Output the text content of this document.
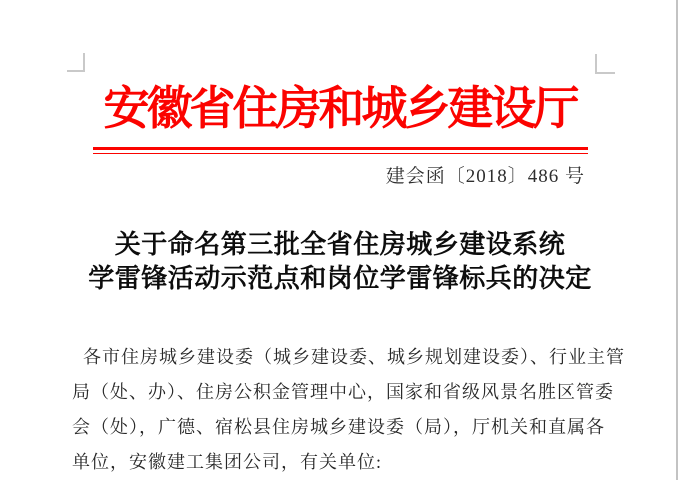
安徽省住房和城乡建设厅
建会函〔2018〕486 号
关于命名第三批全省住房城乡建设系统
学雷锋活动示范点和岗位学雷锋标兵的决定
各市住房城乡建设委（城乡建设委、城乡规划建设委）、行业主管
局（处、办）、住房公积金管理中心，国家和省级风景名胜区管委
会（处），广德、宿松县住房城乡建设委（局），厅机关和直属各
单位，安徽建工集团公司，有关单位:
